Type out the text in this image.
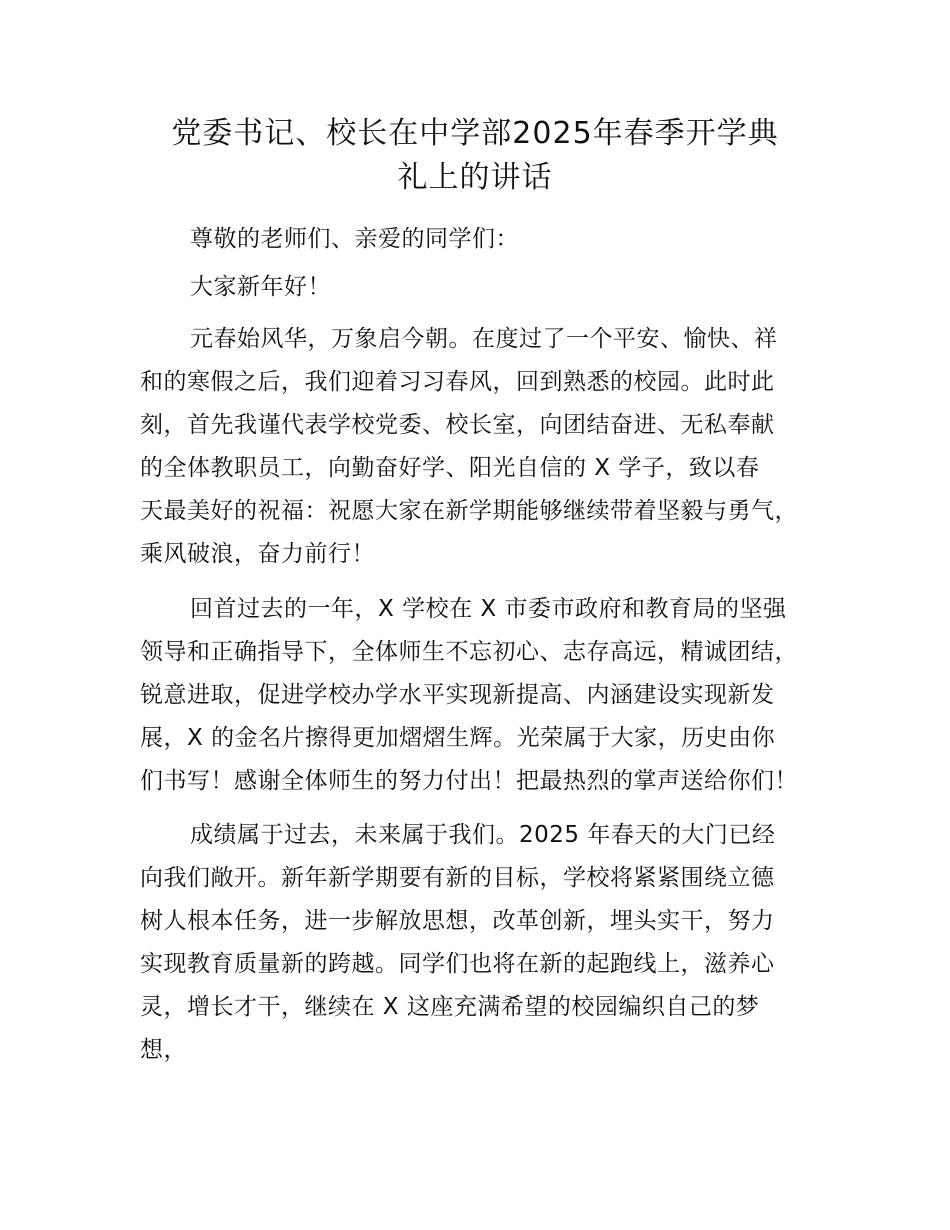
党委书记、校长在中学部2025年春季开学典
礼上的讲话

尊敬的老师们、亲爱的同学们：

大家新年好！

元春始风华，万象启今朝。在度过了一个平安、愉快、祥
和的寒假之后，我们迎着习习春风，回到熟悉的校园。此时此
刻，首先我谨代表学校党委、校长室，向团结奋进、无私奉献
的全体教职员工，向勤奋好学、阳光自信的 X 学子，致以春
天最美好的祝福：祝愿大家在新学期能够继续带着坚毅与勇气，
乘风破浪，奋力前行！
回首过去的一年，X 学校在 X 市委市政府和教育局的坚强
领导和正确指导下，全体师生不忘初心、志存高远，精诚团结，
锐意进取，促进学校办学水平实现新提高、内涵建设实现新发
展，X 的金名片擦得更加熠熠生辉。光荣属于大家，历史由你
们书写！感谢全体师生的努力付出！把最热烈的掌声送给你们！
成绩属于过去，未来属于我们。2025 年春天的大门已经
向我们敞开。新年新学期要有新的目标，学校将紧紧围绕立德
树人根本任务，进一步解放思想，改革创新，埋头实干，努力
实现教育质量新的跨越。同学们也将在新的起跑线上，滋养心
灵，增长才干，继续在 X 这座充满希望的校园编织自己的梦
想，
